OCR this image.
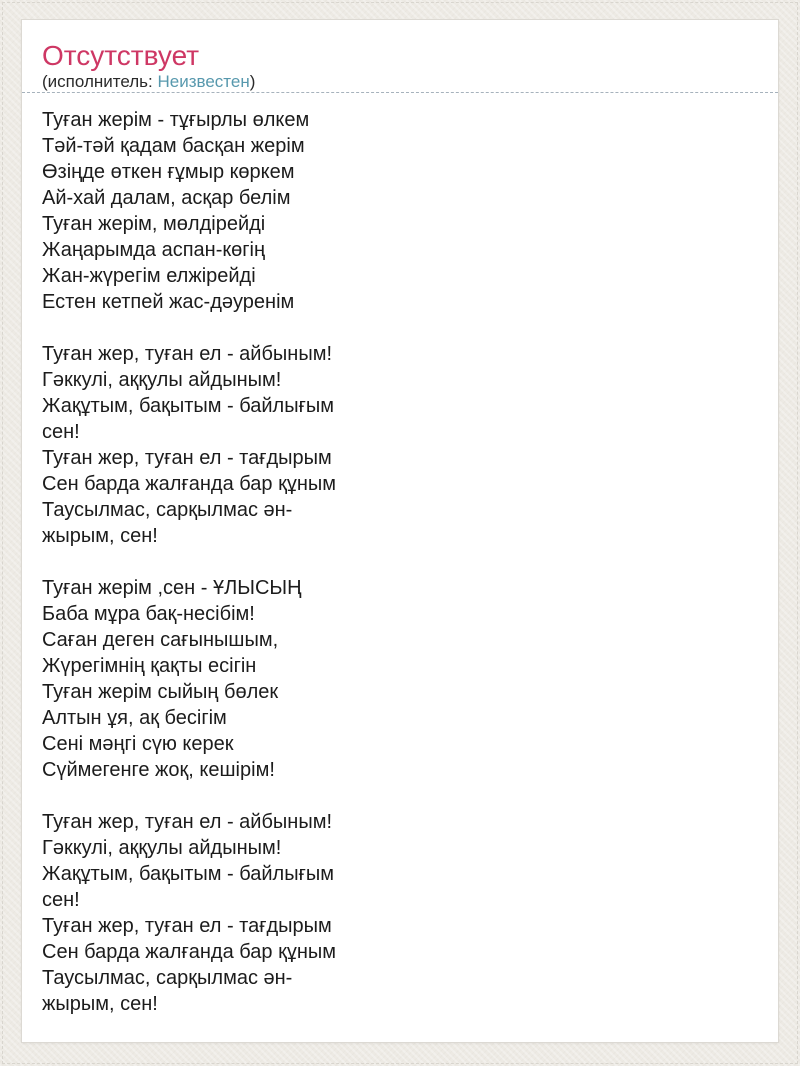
Отсутствует

(исполнитель: Неизвестен)

Туған жерім - тұғырлы өлкем
Тәй-тәй қадам басқан жерім
Өзіңде өткен ғұмыр көркем
Ай-хай далам, асқар белім
Туған жерім, мөлдірейді
Жаңарымда аспан-көгің
Жан-жүрегім елжірейді
Естен кетпей жас-дәуренім
Туған жер, туған ел - айбыным!
Гәккулі, аққулы айдыным!
Жақұтым, бақытым - байлығым
сен!
Туған жер, туған ел - тағдырым
Сен барда жалғанда бар құным
Таусылмас, сарқылмас ән-
жырым, сен!
Туған жерім ,сен - ҰЛЫСЫҢ
Баба мұра бақ-несібім!
Саған деген сағынышым,
Жүрегімнің қақты есігін
Туған жерім сыйың бөлек
Алтын ұя, ақ бесігім
Сені мәңгі сүю керек
Сүймегенге жоқ, кешірім!
Туған жер, туған ел - айбыным!
Гәккулі, аққулы айдыным!
Жақұтым, бақытым - байлығым
сен!
Туған жер, туған ел - тағдырым
Сен барда жалғанда бар құным
Таусылмас, сарқылмас ән-
жырым, сен!
